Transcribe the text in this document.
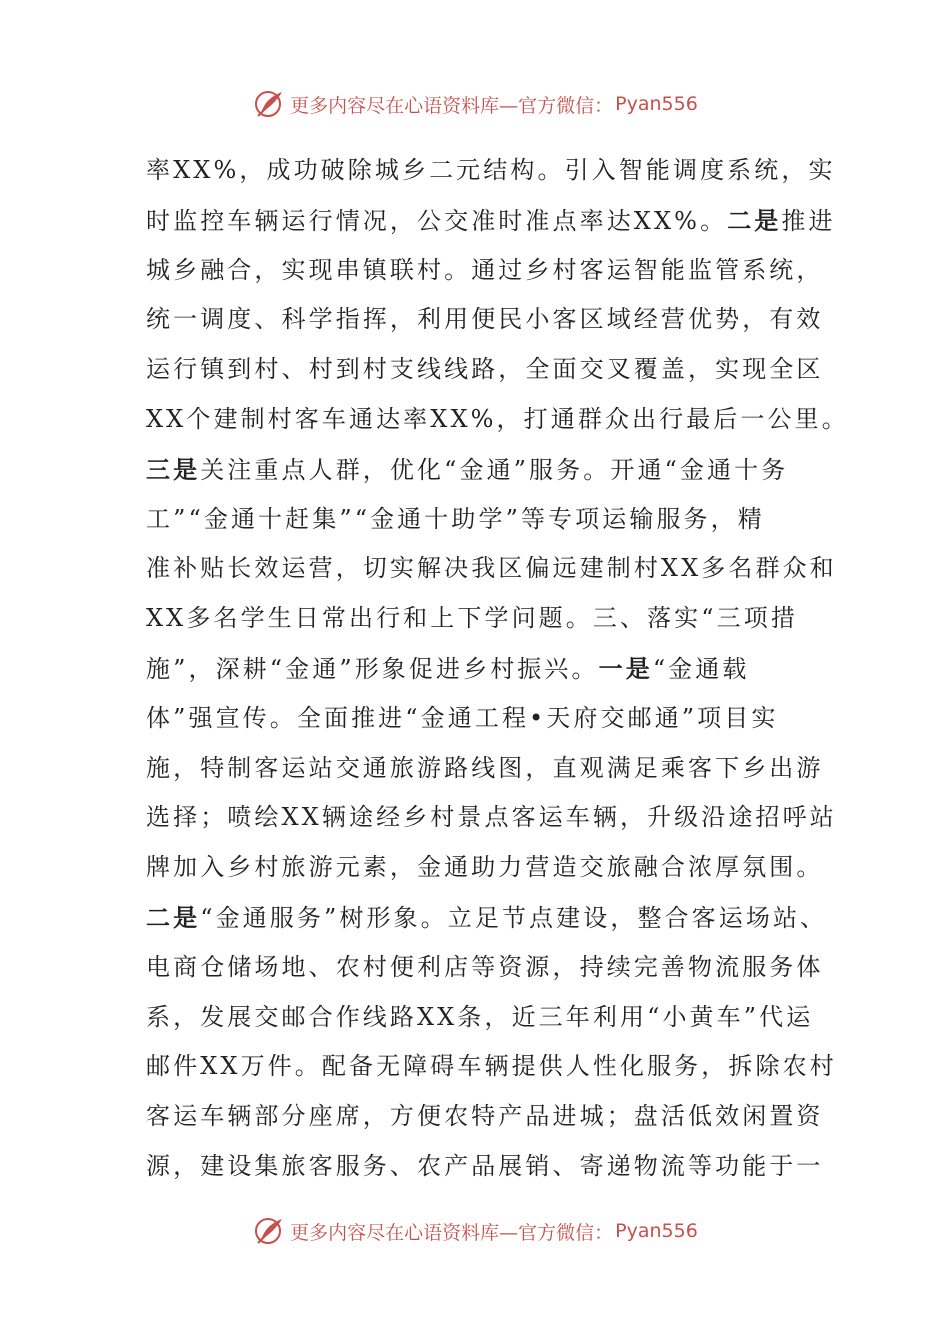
更多内容尽在心语资料库—官方微信： Pyan556
率XX%，成功破除城乡二元结构。引入智能调度系统，实
时监控车辆运行情况，公交准时准点率达XX%。二是推进
城乡融合，实现串镇联村。通过乡村客运智能监管系统，
统一调度、科学指挥，利用便民小客区域经营优势，有效
运行镇到村、村到村支线线路，全面交叉覆盖，实现全区
XX个建制村客车通达率XX%，打通群众出行最后一公里。
三是关注重点人群，优化“金通”服务。开通“金通十务
工”“金通十赶集”“金通十助学”等专项运输服务，精
准补贴长效运营，切实解决我区偏远建制村XX多名群众和
XX多名学生日常出行和上下学问题。三、落实“三项措
施”，深耕“金通”形象促进乡村振兴。一是“金通载
体”强宣传。全面推进“金通工程•天府交邮通”项目实
施，特制客运站交通旅游路线图，直观满足乘客下乡出游
选择；喷绘XX辆途经乡村景点客运车辆，升级沿途招呼站
牌加入乡村旅游元素，金通助力营造交旅融合浓厚氛围。
二是“金通服务”树形象。立足节点建设，整合客运场站、
电商仓储场地、农村便利店等资源，持续完善物流服务体
系，发展交邮合作线路XX条，近三年利用“小黄车”代运
邮件XX万件。配备无障碍车辆提供人性化服务，拆除农村
客运车辆部分座席，方便农特产品进城；盘活低效闲置资
源，建设集旅客服务、农产品展销、寄递物流等功能于一
更多内容尽在心语资料库—官方微信： Pyan556
